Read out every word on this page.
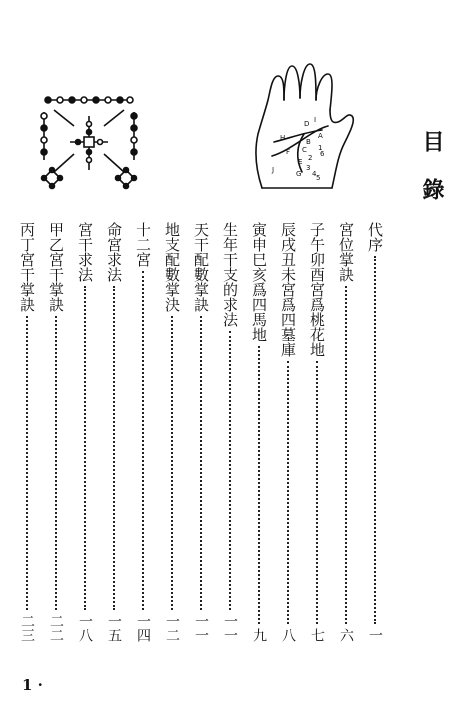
目錄
D
H
F
I
B
J
A
C
E
G
1
2
3
4 5
6
代序
一
宮位掌訣
六
子午卯酉宮爲桃花地
七
辰戌丑未宮爲四墓庫
八
寅申巳亥爲四馬地
九
生年干支的求法
一一
天干配數掌訣
一一
地支配數掌決
一二
十二宮
一四
命宮求法
一五
宮干求法
一八
甲乙宮干掌訣
二二
丙丁宮干掌訣
二三
1 ·
